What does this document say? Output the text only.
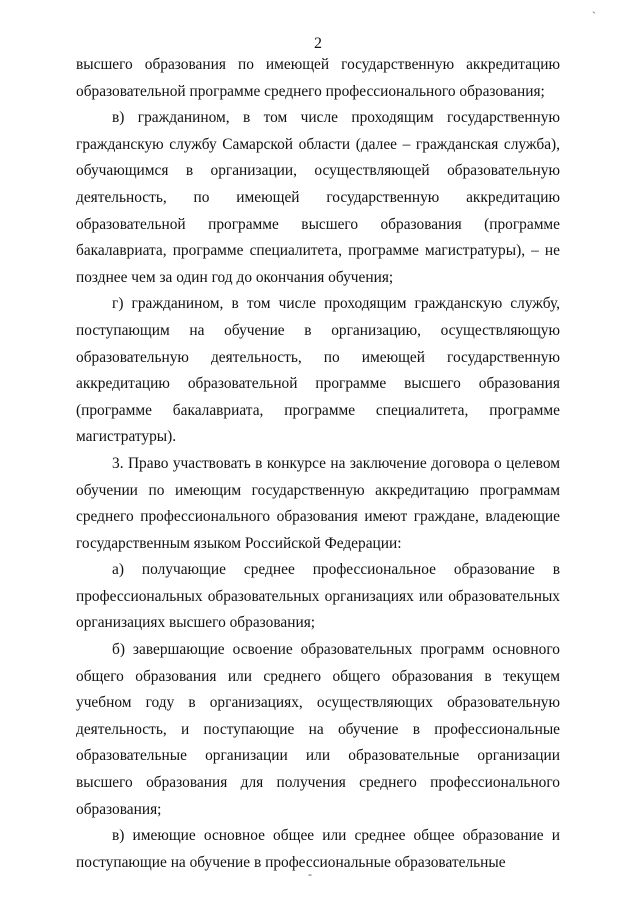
`
2

высшего образования по имеющей государственную аккредитацию образовательной программе среднего профессионального образования;

в) гражданином, в том числе проходящим государственную гражданскую службу Самарской области (далее – гражданская служба), обучающимся в организации, осуществляющей образовательную деятельность, по имеющей государственную аккредитацию образовательной программе высшего образования (программе бакалавриата, программе специалитета, программе магистратуры), – не позднее чем за один год до окончания обучения;

г) гражданином, в том числе проходящим гражданскую службу, поступающим на обучение в организацию, осуществляющую образовательную деятельность, по имеющей государственную аккредитацию образовательной программе высшего образования (программе бакалавриата, программе специалитета, программе магистратуры).

3. Право участвовать в конкурсе на заключение договора о целевом обучении по имеющим государственную аккредитацию программам среднего профессионального образования имеют граждане, владеющие государственным языком Российской Федерации:

а) получающие среднее профессиональное образование в профессиональных образовательных организациях или образовательных организациях высшего образования;

б) завершающие освоение образовательных программ основного общего образования или среднего общего образования в текущем учебном году в организациях, осуществляющих образовательную деятельность, и поступающие на обучение в профессиональные образовательные организации или образовательные организации высшего образования для получения среднего профессионального образования;

в) имеющие основное общее или среднее общее образование и поступающие на обучение в профессиональные образовательные

-
